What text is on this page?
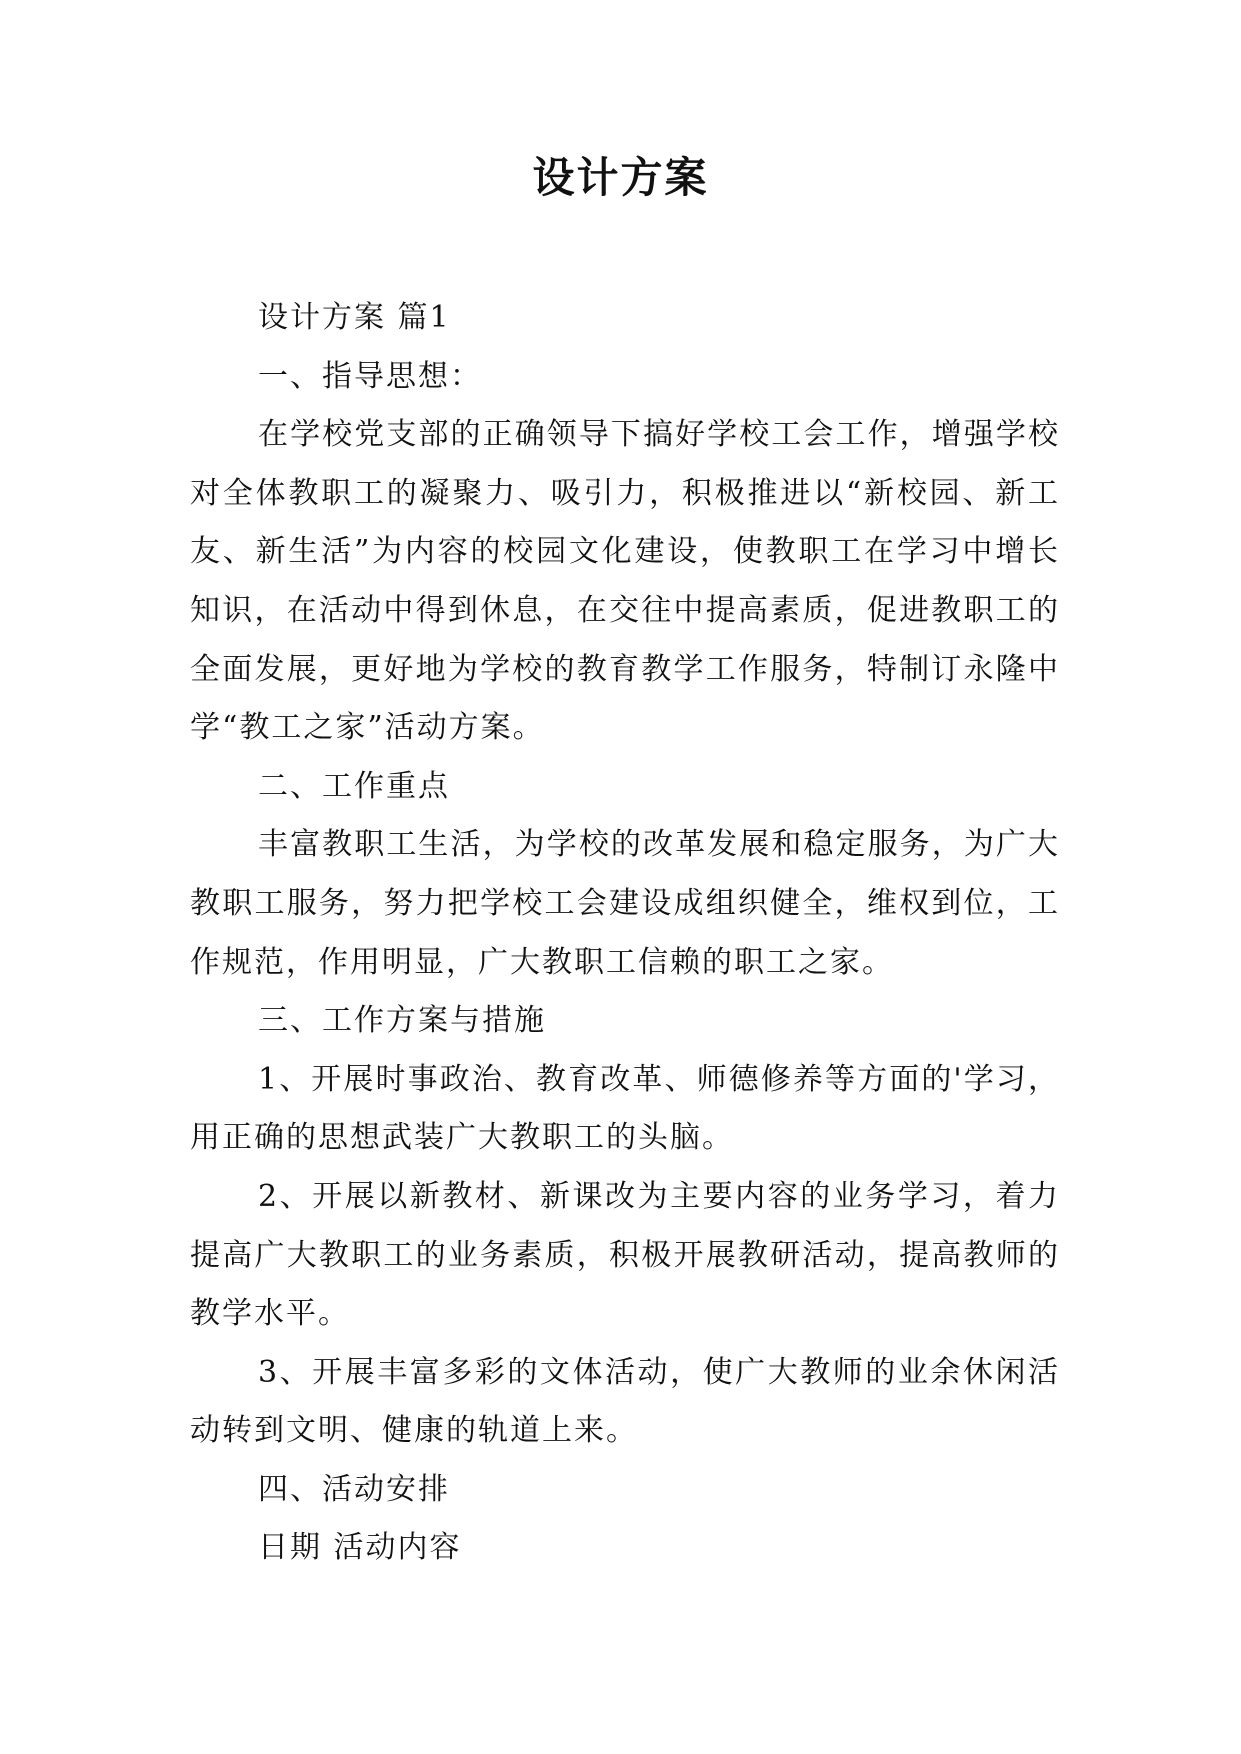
设计方案

设计方案 篇1

一、指导思想：

在学校党支部的正确领导下搞好学校工会工作，增强学校对全体教职工的凝聚力、吸引力，积极推进以“新校园、新工友、新生活”为内容的校园文化建设，使教职工在学习中增长知识，在活动中得到休息，在交往中提高素质，促进教职工的全面发展，更好地为学校的教育教学工作服务，特制订永隆中学“教工之家”活动方案。

二、工作重点

丰富教职工生活，为学校的改革发展和稳定服务，为广大教职工服务，努力把学校工会建设成组织健全，维权到位，工作规范，作用明显，广大教职工信赖的职工之家。

三、工作方案与措施

1、开展时事政治、教育改革、师德修养等方面的'学习，用正确的思想武装广大教职工的头脑。

2、开展以新教材、新课改为主要内容的业务学习，着力提高广大教职工的业务素质，积极开展教研活动，提高教师的教学水平。

3、开展丰富多彩的文体活动，使广大教师的业余休闲活动转到文明、健康的轨道上来。

四、活动安排

日期 活动内容
